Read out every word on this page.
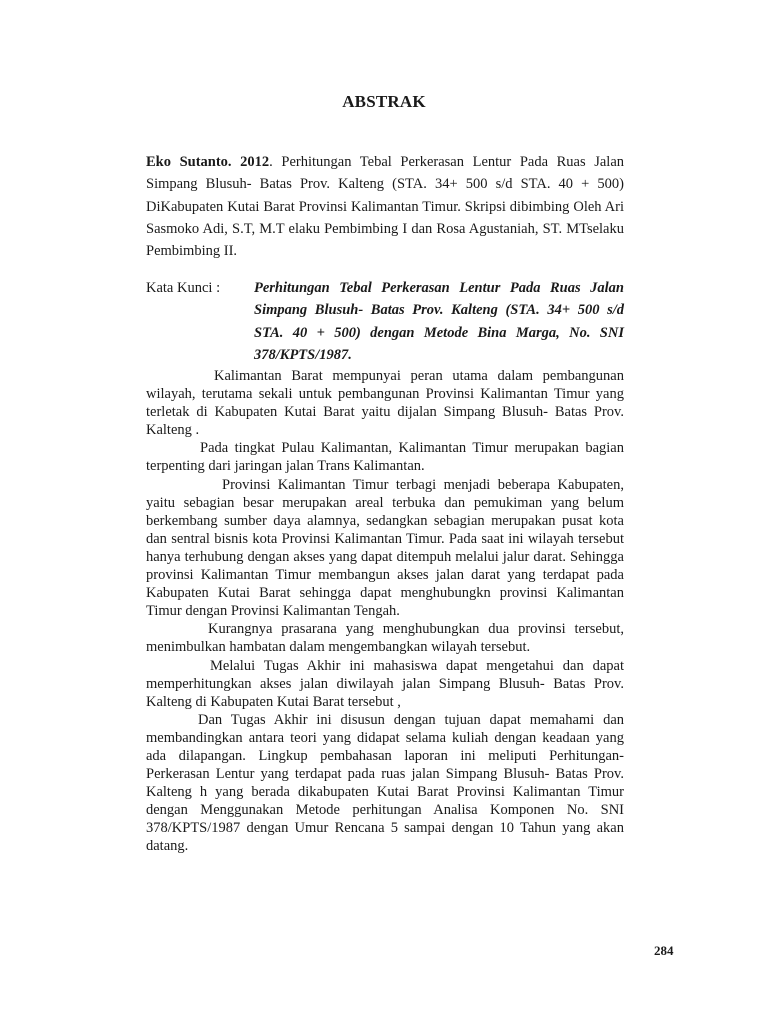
ABSTRAK
Eko Sutanto. 2012. Perhitungan Tebal Perkerasan Lentur Pada Ruas Jalan Simpang Blusuh- Batas Prov. Kalteng (STA. 34+ 500 s/d STA. 40 + 500) DiKabupaten Kutai Barat Provinsi Kalimantan Timur. Skripsi dibimbing Oleh Ari Sasmoko Adi, S.T, M.T elaku Pembimbing I dan Rosa Agustaniah, ST. MTselaku Pembimbing II.
Kata Kunci : Perhitungan Tebal Perkerasan Lentur Pada Ruas Jalan Simpang Blusuh- Batas Prov. Kalteng (STA. 34+ 500 s/d STA. 40 + 500) dengan Metode Bina Marga, No. SNI 378/KPTS/1987.

Kalimantan Barat mempunyai peran utama dalam pembangunan wilayah, terutama sekali untuk pembangunan Provinsi Kalimantan Timur yang terletak di Kabupaten Kutai Barat yaitu dijalan Simpang Blusuh- Batas Prov. Kalteng .

Pada tingkat Pulau Kalimantan, Kalimantan Timur merupakan bagian terpenting dari jaringan jalan Trans Kalimantan.

Provinsi Kalimantan Timur terbagi menjadi beberapa Kabupaten, yaitu sebagian besar merupakan areal terbuka dan pemukiman yang belum berkembang sumber daya alamnya, sedangkan sebagian merupakan pusat kota dan sentral bisnis kota Provinsi Kalimantan Timur. Pada saat ini wilayah tersebut hanya terhubung dengan akses yang dapat ditempuh melalui jalur darat. Sehingga provinsi Kalimantan Timur membangun akses jalan darat yang terdapat pada Kabupaten Kutai Barat sehingga dapat menghubungkn provinsi Kalimantan Timur dengan Provinsi Kalimantan Tengah.

Kurangnya prasarana yang menghubungkan dua provinsi tersebut, menimbulkan hambatan dalam mengembangkan wilayah tersebut.

Melalui Tugas Akhir ini mahasiswa dapat mengetahui dan dapat memperhitungkan akses jalan diwilayah jalan Simpang Blusuh- Batas Prov. Kalteng di Kabupaten Kutai Barat tersebut ,

Dan Tugas Akhir ini disusun dengan tujuan dapat memahami dan membandingkan antara teori yang didapat selama kuliah dengan keadaan yang ada dilapangan. Lingkup pembahasan laporan ini meliputi Perhitungan-Perkerasan Lentur yang terdapat pada ruas jalan Simpang Blusuh- Batas Prov. Kalteng h yang berada dikabupaten Kutai Barat Provinsi Kalimantan Timur dengan Menggunakan Metode perhitungan Analisa Komponen No. SNI 378/KPTS/1987 dengan Umur Rencana 5 sampai dengan 10 Tahun yang akan datang.

284
